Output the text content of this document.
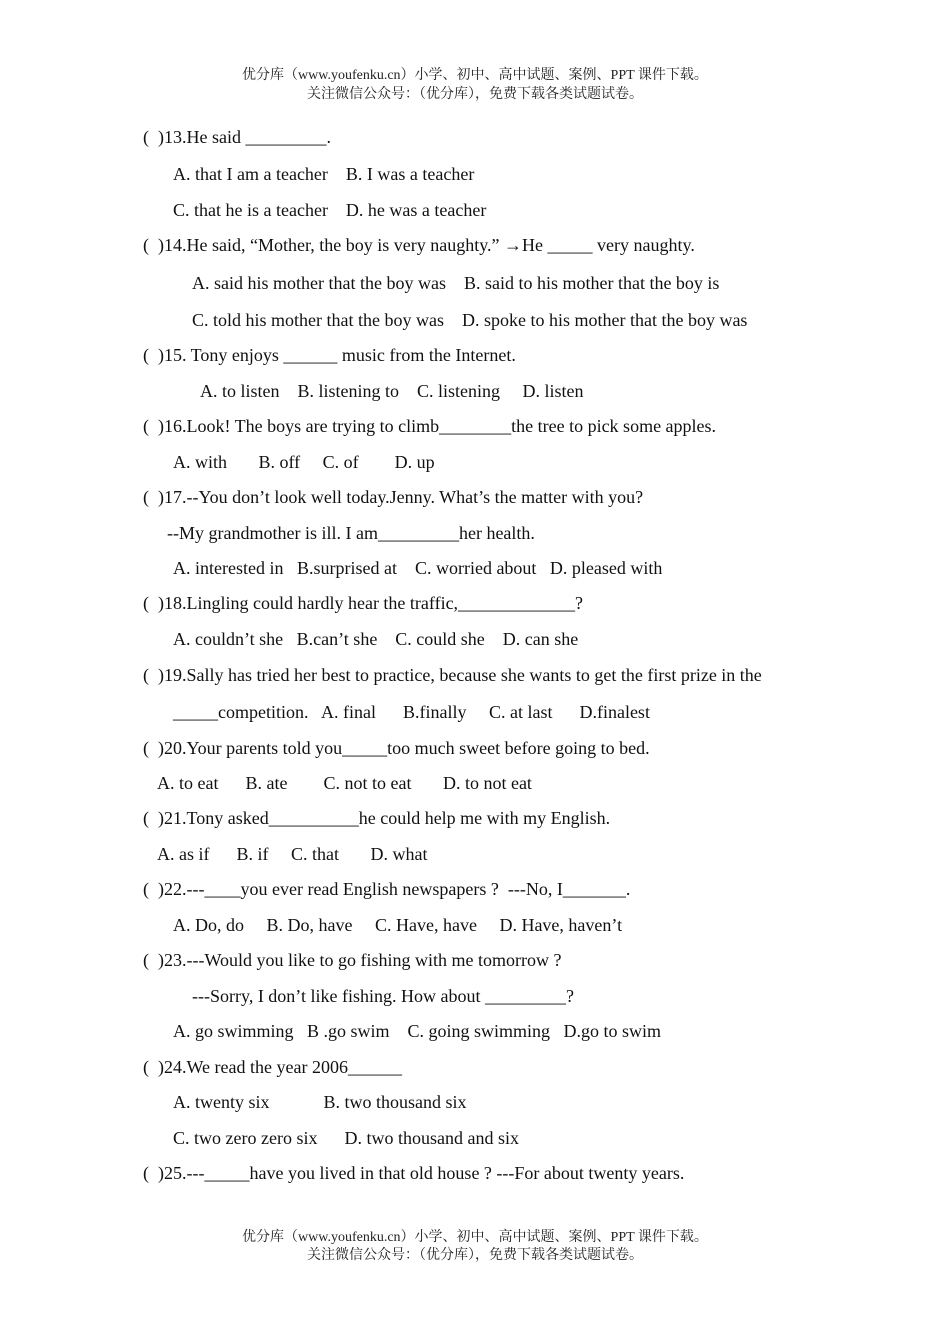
优分库（www.youfenku.cn）小学、初中、高中试题、案例、PPT 课件下载。
关注微信公众号：（优分库），免费下载各类试题试卷。
(  )13.He said _________.
A. that I am a teacher    B. I was a teacher
C. that he is a teacher    D. he was a teacher
(  )14.He said, “Mother, the boy is very naughty.” →He _____ very naughty.
A. said his mother that the boy was    B. said to his mother that the boy is
C. told his mother that the boy was    D. spoke to his mother that the boy was
(  )15. Tony enjoys ______ music from the Internet.
A. to listen    B. listening to    C. listening     D. listen
(  )16.Look! The boys are trying to climb________the tree to pick some apples.
A. with       B. off     C. of        D. up
(  )17.--You don’t look well today.Jenny. What’s the matter with you?
--My grandmother is ill. I am_________her health.
A. interested in   B.surprised at    C. worried about   D. pleased with
(  )18.Lingling could hardly hear the traffic,_____________?
A. couldn’t she   B.can’t she    C. could she    D. can she
(  )19.Sally has tried her best to practice, because she wants to get the first prize in the
_____competition.   A. final      B.finally     C. at last      D.finalest
(  )20.Your parents told you_____too much sweet before going to bed.
A. to eat      B. ate        C. not to eat       D. to not eat
(  )21.Tony asked__________he could help me with my English.
A. as if      B. if     C. that       D. what
(  )22.---____you ever read English newspapers ?  ---No, I_______.
A. Do, do     B. Do, have     C. Have, have     D. Have, haven’t
(  )23.---Would you like to go fishing with me tomorrow ?
---Sorry, I don’t like fishing. How about _________?
A. go swimming   B .go swim    C. going swimming   D.go to swim
(  )24.We read the year 2006______
A. twenty six            B. two thousand six
C. two zero zero six      D. two thousand and six
(  )25.---_____have you lived in that old house ? ---For about twenty years.
优分库（www.youfenku.cn）小学、初中、高中试题、案例、PPT 课件下载。
关注微信公众号：（优分库），免费下载各类试题试卷。
